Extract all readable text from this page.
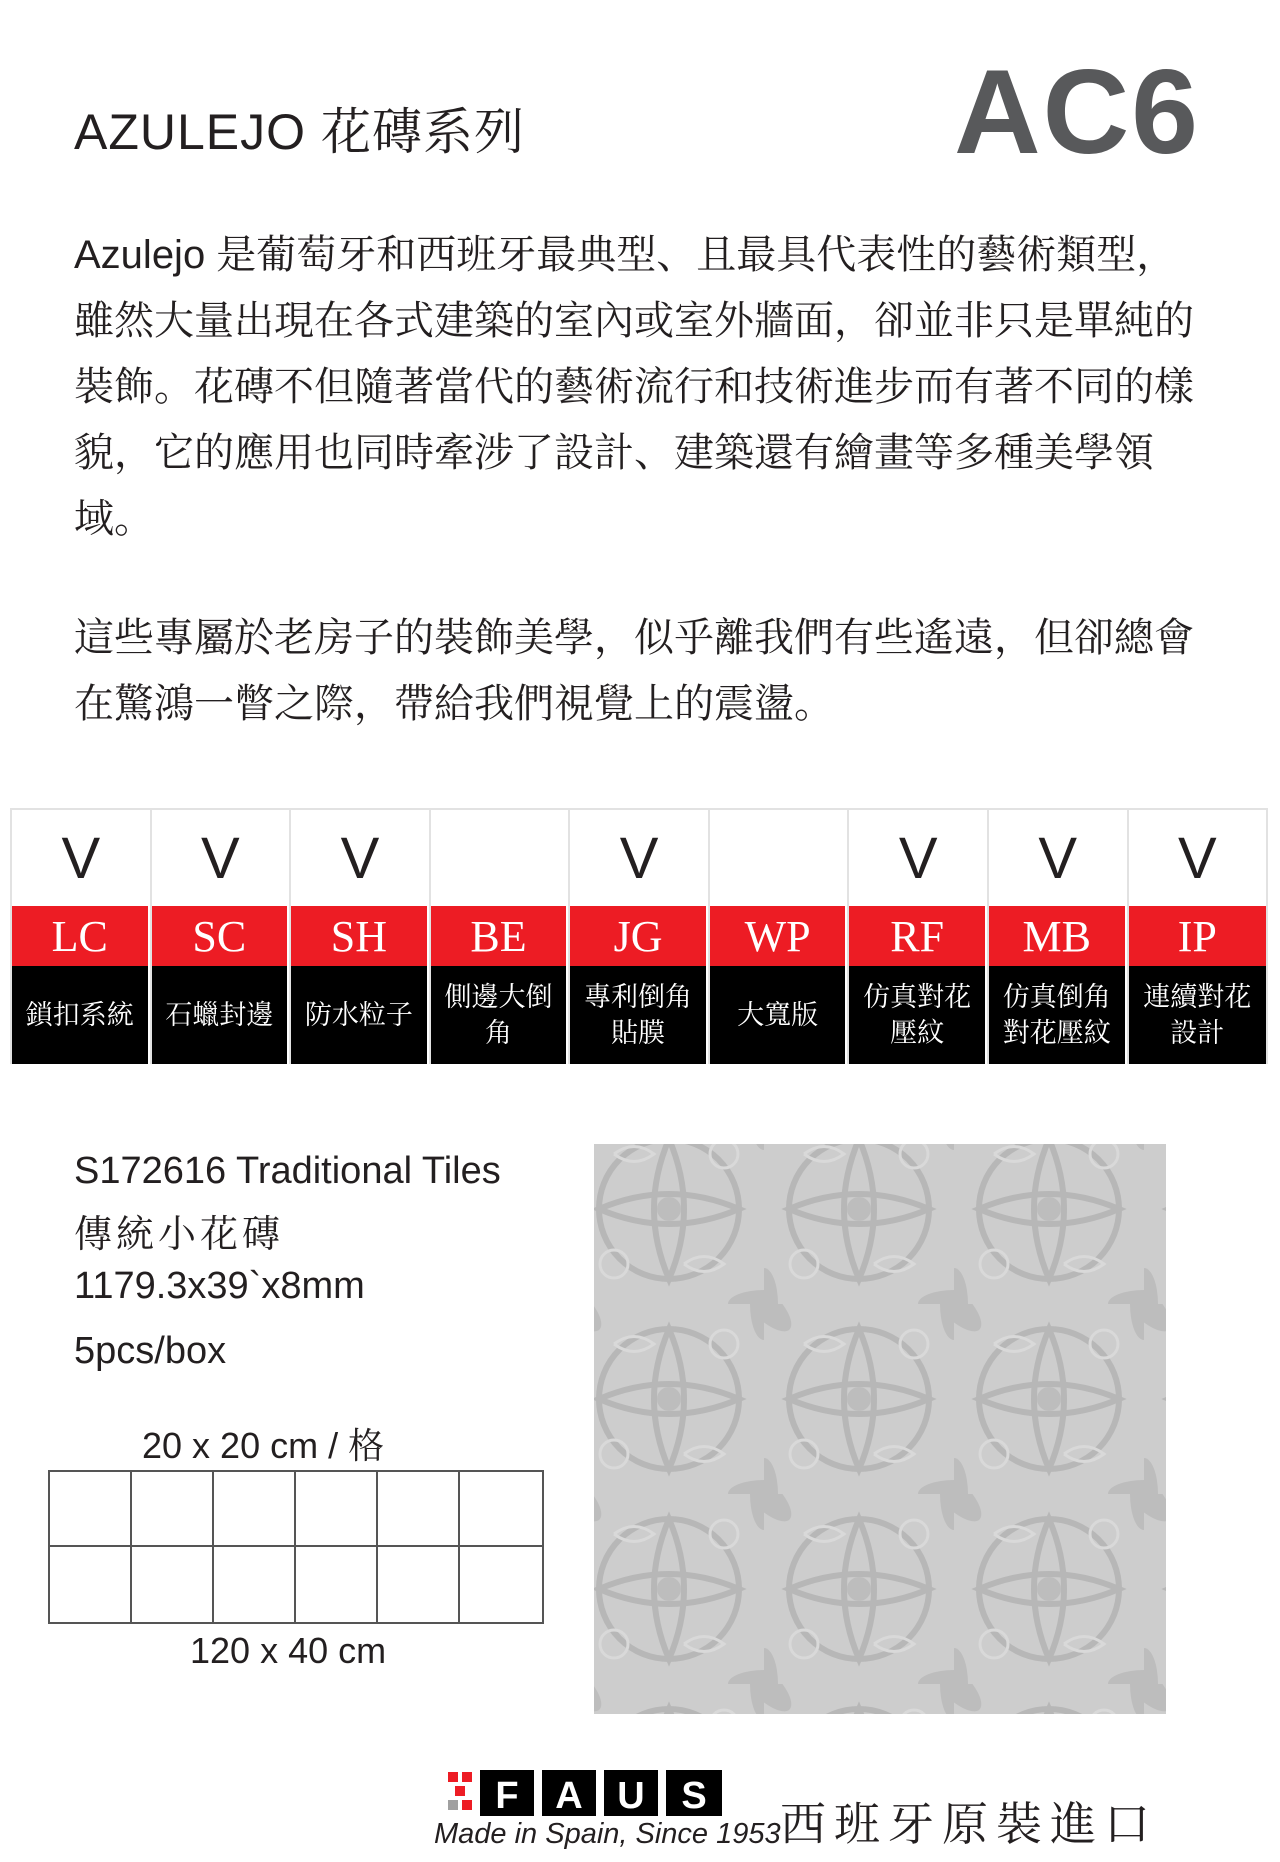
AZULEJO 花磚系列	AC6
Azulejo 是葡萄牙和西班牙最典型、且最具代表性的藝術類型，雖然大量出現在各式建築的室內或室外牆面，卻並非只是單純的裝飾。花磚不但隨著當代的藝術流行和技術進步而有著不同的樣貌，它的應用也同時牽涉了設計、建築還有繪畫等多種美學領域。
這些專屬於老房子的裝飾美學，似乎離我們有些遙遠，但卻總會在驚鴻一瞥之際，帶給我們視覺上的震盪。
V
LC
鎖扣系統
V
SC
石蠟封邊
V
SH
防水粒子
BE
側邊大倒角
V
JG
專利倒角貼膜
WP
大寬版
V
RF
仿真對花壓紋
V
MB
仿真倒角對花壓紋
V
IP
連續對花設計
S172616 Traditional Tiles
傳統小花磚
1179.3x39`x8mm
5pcs/box
20 x 20 cm / 格
120 x 40 cm
F A U S
Made in Spain, Since 1953 西班牙原裝進口
